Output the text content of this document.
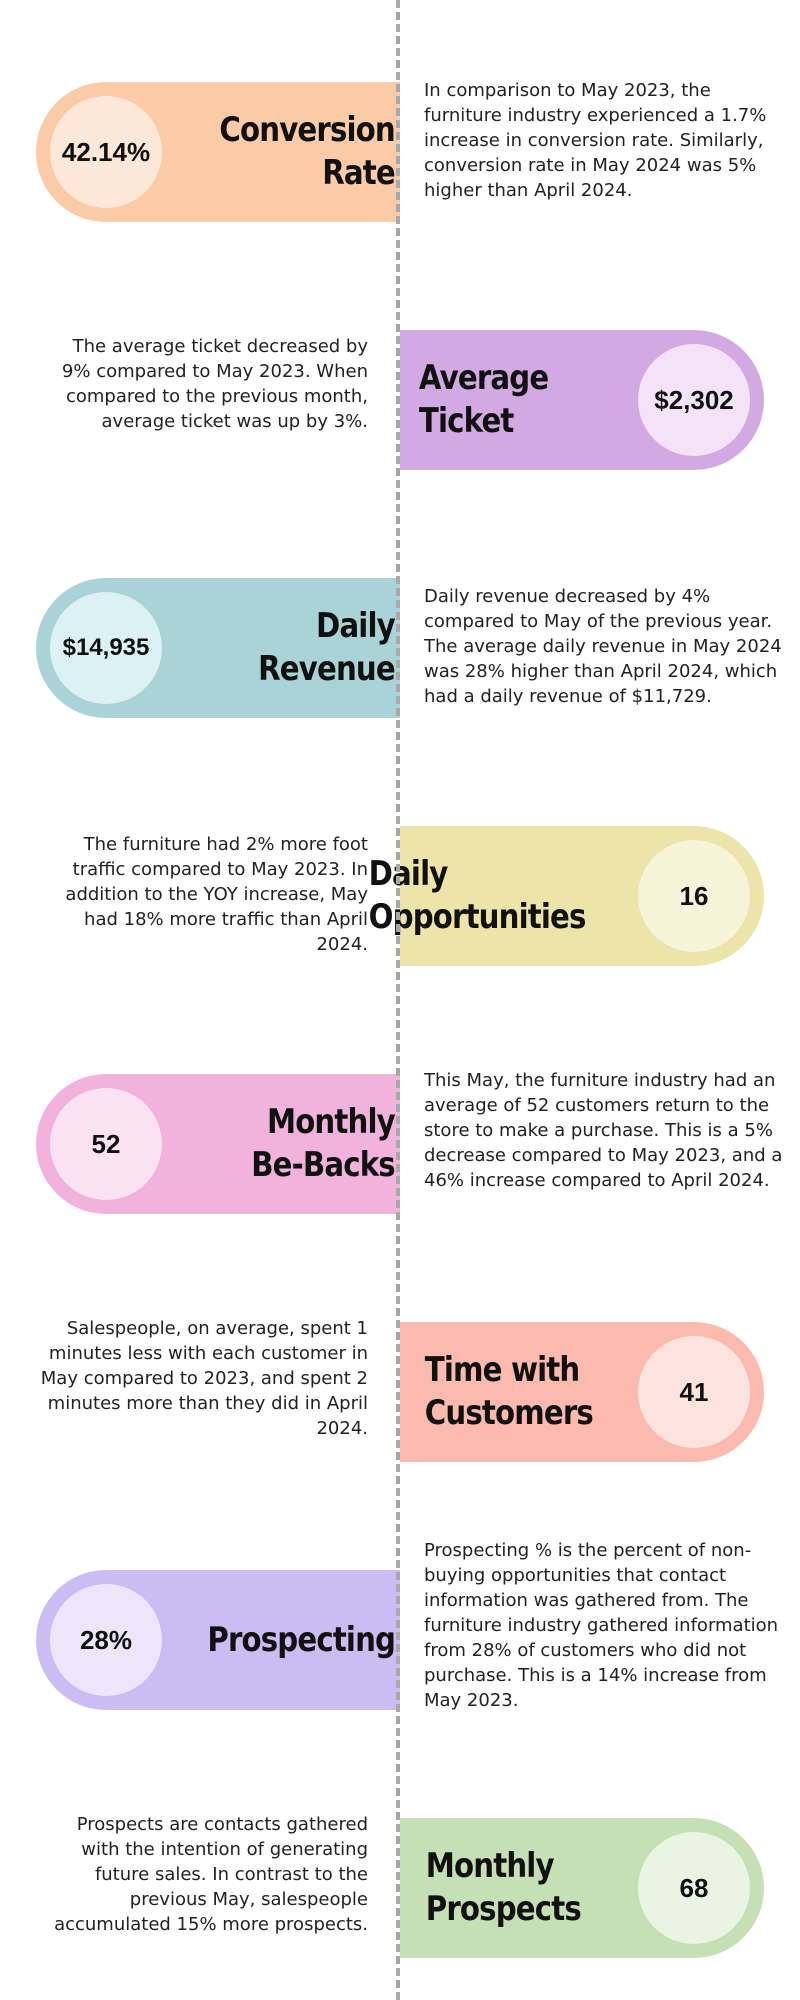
42.14%
Conversion
Rate
In comparison to May 2023, the furniture industry experienced a 1.7% increase in conversion rate. Similarly, conversion rate in May 2024 was 5% higher than April 2024.
$2,302
Average
Ticket
The average ticket decreased by 9% compared to May 2023. When compared to the previous month, average ticket was up by 3%.
$14,935
Daily
Revenue
Daily revenue decreased by 4% compared to May of the previous year. The average daily revenue in May 2024 was 28% higher than April 2024, which had a daily revenue of $11,729.
16
Daily
Opportunities
The furniture had 2% more foot traffic compared to May 2023. In addition to the YOY increase, May had 18% more traffic than April 2024.
52
Monthly
Be-Backs
This May, the furniture industry had an average of 52 customers return to the store to make a purchase. This is a 5% decrease compared to May 2023, and a 46% increase compared to April 2024.
41
Time with
Customers
Salespeople, on average, spent 1 minutes less with each customer in May compared to 2023, and spent 2 minutes more than they did in April 2024.
28% Prospecting
Prospecting % is the percent of non-buying opportunities that contact information was gathered from. The furniture industry gathered information from 28% of customers who did not purchase. This is a 14% increase from May 2023.
68
Monthly
Prospects
Prospects are contacts gathered with the intention of generating future sales. In contrast to the previous May, salespeople accumulated 15% more prospects.
